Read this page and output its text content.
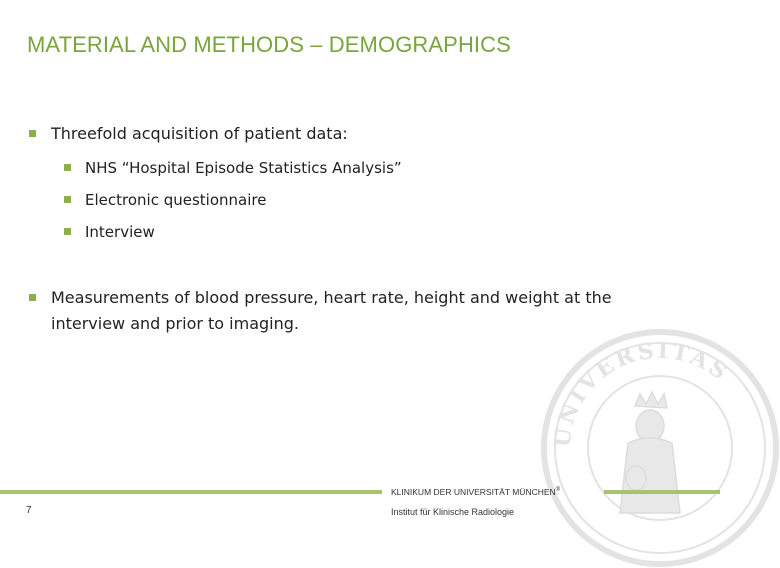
MATERIAL AND METHODS – DEMOGRAPHICS
Threefold acquisition of patient data:
NHS “Hospital Episode Statistics Analysis”
Electronic questionnaire
Interview
Measurements of blood pressure, heart rate, height and weight at the interview and prior to imaging.
UNIVERSITAS
KLINIKUM DER UNIVERSITÄT MÜNCHEN®
Institut für Klinische Radiologie
7
